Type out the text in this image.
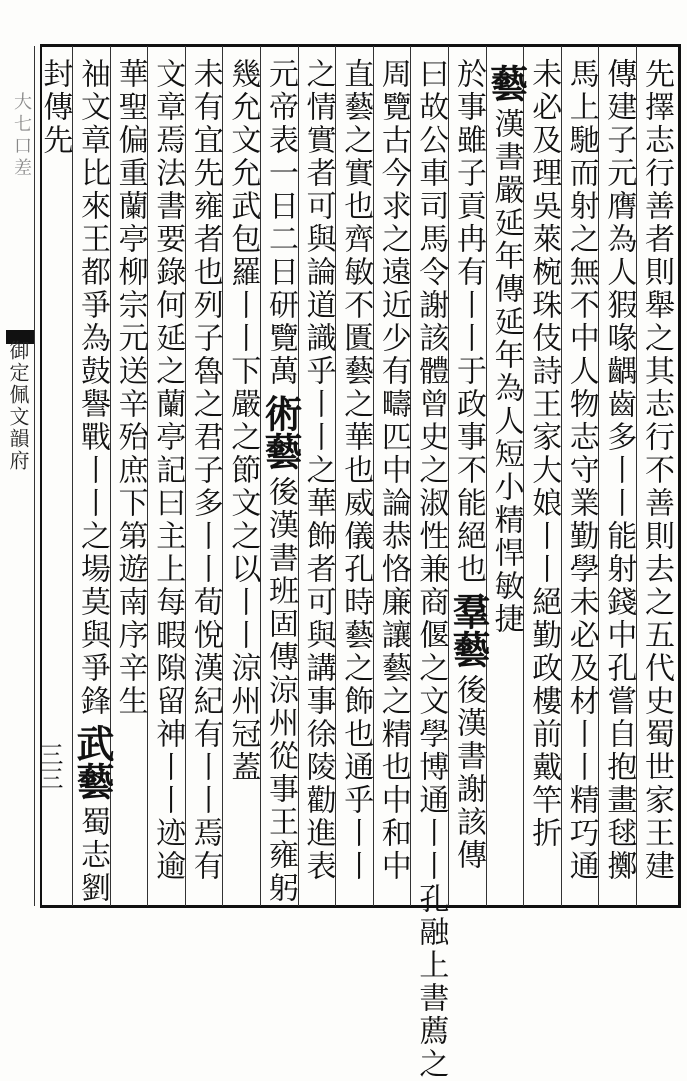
大七口差
御定佩文韻府
三三	先擇志行善者則舉之其志行不善則去之五代史蜀世家王建
傳建子元膺為人猳喙齵齒多丨丨能射錢中孔嘗自抱畫毬擲
馬上馳而射之無不中人物志守業勤學未必及材丨丨精巧通
未必及理吳萊椀珠伎詩王家大娘丨丨絕勤政樓前戴竿折
藝漢書嚴延年傳延年為人短小精悍敏捷
於事雖子貢冉有丨丨于政事不能絕也羣藝後漢書謝該傳
曰故公車司馬令謝該體曾史之淑性兼商偃之文學博通丨丨孔融上書薦之
周覽古今求之遠近少有疇匹中論恭恪廉讓藝之精也中和中
直藝之實也齊敏不匱藝之華也威儀孔時藝之飾也通乎丨丨
之情實者可與論道識乎丨丨之華飾者可與講事徐陵勸進表
元帝表一日二日研覽萬術藝後漢書班固傳涼州從事王雍躬
幾允文允武包羅丨丨下嚴之節文之以丨丨涼州冠蓋
未有宜先雍者也列子魯之君子多丨丨荀悅漢紀有丨丨焉有
文章焉法書要錄何延之蘭亭記曰主上每暇隙留神丨丨迹逾
華聖偏重蘭亭柳宗元送辛殆庶下第遊南序辛生
䄂文章比來王都爭為鼓譽戰丨丨之場莫與爭鋒武藝蜀志劉
封傳先
